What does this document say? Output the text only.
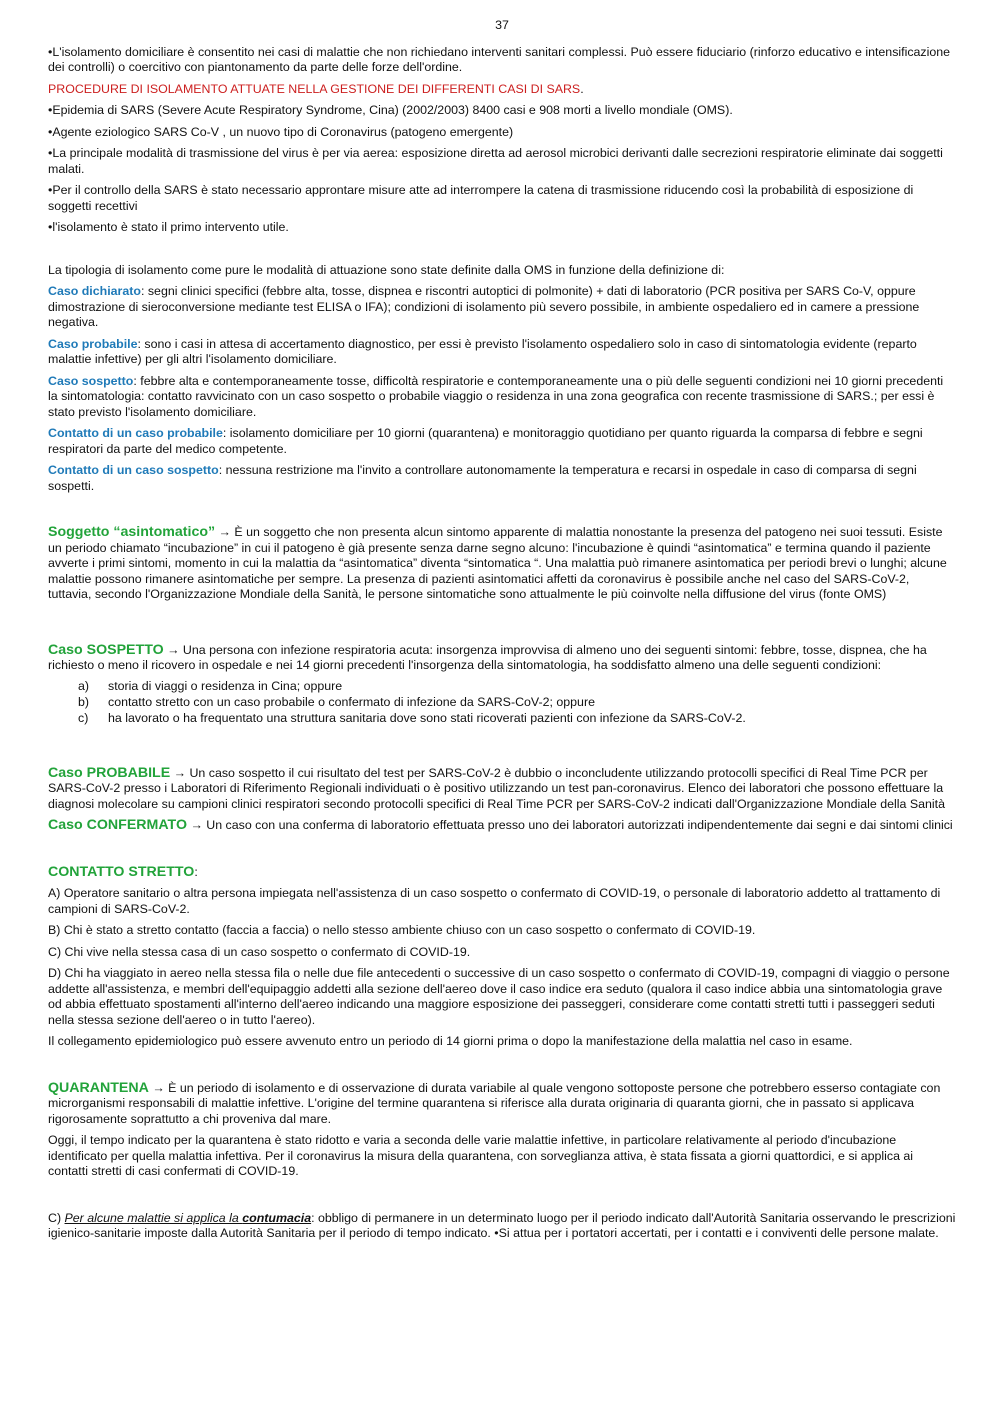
37

•L'isolamento domiciliare è consentito nei casi di malattie che non richiedano interventi sanitari complessi. Può essere fiduciario (rinforzo educativo e intensificazione dei controlli) o coercitivo con piantonamento da parte delle forze dell'ordine.

PROCEDURE DI ISOLAMENTO ATTUATE NELLA GESTIONE DEI DIFFERENTI CASI DI SARS.

•Epidemia di SARS (Severe Acute Respiratory Syndrome, Cina) (2002/2003) 8400 casi e 908 morti a livello mondiale (OMS).

•Agente eziologico SARS Co-V , un nuovo tipo di Coronavirus (patogeno emergente)

•La principale modalità di trasmissione del virus è per via aerea: esposizione diretta ad aerosol microbici derivanti dalle secrezioni respiratorie eliminate dai soggetti malati.

•Per il controllo della SARS è stato necessario approntare misure atte ad interrompere la catena di trasmissione riducendo così la probabilità di esposizione di soggetti recettivi

•l'isolamento è stato il primo intervento utile.

La tipologia di isolamento come pure le modalità di attuazione sono state definite dalla OMS in funzione della definizione di:

Caso dichiarato: segni clinici specifici (febbre alta, tosse, dispnea e riscontri autoptici di polmonite) + dati di laboratorio (PCR positiva per SARS Co-V, oppure dimostrazione di sieroconversione mediante test ELISA o IFA); condizioni di isolamento più severo possibile, in ambiente ospedaliero ed in camere a pressione negativa.

Caso probabile: sono i casi in attesa di accertamento diagnostico, per essi è previsto l'isolamento ospedaliero solo in caso di sintomatologia evidente (reparto malattie infettive) per gli altri l'isolamento domiciliare.

Caso sospetto: febbre alta e contemporaneamente tosse, difficoltà respiratorie e contemporaneamente una o più delle seguenti condizioni nei 10 giorni precedenti la sintomatologia: contatto ravvicinato con un caso sospetto o probabile viaggio o residenza in una zona geografica con recente trasmissione di SARS.; per essi è stato previsto l'isolamento domiciliare.

Contatto di un caso probabile: isolamento domiciliare per 10 giorni (quarantena) e monitoraggio quotidiano per quanto riguarda la comparsa di febbre e segni respiratori da parte del medico competente.

Contatto di un caso sospetto: nessuna restrizione ma l'invito a controllare autonomamente la temperatura e recarsi in ospedale in caso di comparsa di segni sospetti.

Soggetto “asintomatico” → È un soggetto che non presenta alcun sintomo apparente di malattia nonostante la presenza del patogeno nei suoi tessuti. Esiste un periodo chiamato “incubazione” in cui il patogeno è già presente senza darne segno alcuno: l'incubazione è quindi “asintomatica” e termina quando il paziente avverte i primi sintomi, momento in cui la malattia da “asintomatica” diventa “sintomatica “. Una malattia può rimanere asintomatica per periodi brevi o lunghi; alcune malattie possono rimanere asintomatiche per sempre. La presenza di pazienti asintomatici affetti da coronavirus è possibile anche nel caso del SARS-CoV-2, tuttavia, secondo l'Organizzazione Mondiale della Sanità, le persone sintomatiche sono attualmente le più coinvolte nella diffusione del virus (fonte OMS)

Caso SOSPETTO → Una persona con infezione respiratoria acuta: insorgenza improvvisa di almeno uno dei seguenti sintomi: febbre, tosse, dispnea, che ha richiesto o meno il ricovero in ospedale e nei 14 giorni precedenti l'insorgenza della sintomatologia, ha soddisfatto almeno una delle seguenti condizioni:

a)	storia di viaggi o residenza in Cina; oppure
b)	contatto stretto con un caso probabile o confermato di infezione da SARS-CoV-2; oppure
c)	ha lavorato o ha frequentato una struttura sanitaria dove sono stati ricoverati pazienti con infezione da SARS-CoV-2.

Caso PROBABILE → Un caso sospetto il cui risultato del test per SARS-CoV-2 è dubbio o inconcludente utilizzando protocolli specifici di Real Time PCR per SARS-CoV-2 presso i Laboratori di Riferimento Regionali individuati o è positivo utilizzando un test pan-coronavirus. Elenco dei laboratori che possono effettuare la diagnosi molecolare su campioni clinici respiratori secondo protocolli specifici di Real Time PCR per SARS-CoV-2 indicati dall'Organizzazione Mondiale della Sanità

Caso CONFERMATO → Un caso con una conferma di laboratorio effettuata presso uno dei laboratori autorizzati indipendentemente dai segni e dai sintomi clinici

CONTATTO STRETTO:

A) Operatore sanitario o altra persona impiegata nell'assistenza di un caso sospetto o confermato di COVID-19, o personale di laboratorio addetto al trattamento di campioni di SARS-CoV-2.

B) Chi è stato a stretto contatto (faccia a faccia) o nello stesso ambiente chiuso con un caso sospetto o confermato di COVID-19.

C) Chi vive nella stessa casa di un caso sospetto o confermato di COVID-19.

D) Chi ha viaggiato in aereo nella stessa fila o nelle due file antecedenti o successive di un caso sospetto o confermato di COVID-19, compagni di viaggio o persone addette all'assistenza, e membri dell'equipaggio addetti alla sezione dell'aereo dove il caso indice era seduto (qualora il caso indice abbia una sintomatologia grave od abbia effettuato spostamenti all'interno dell'aereo indicando una maggiore esposizione dei passeggeri, considerare come contatti stretti tutti i passeggeri seduti nella stessa sezione dell'aereo o in tutto l'aereo).

Il collegamento epidemiologico può essere avvenuto entro un periodo di 14 giorni prima o dopo la manifestazione della malattia nel caso in esame.

QUARANTENA → È un periodo di isolamento e di osservazione di durata variabile al quale vengono sottoposte persone che potrebbero esserso contagiate con microrganismi responsabili di malattie infettive. L'origine del termine quarantena si riferisce alla durata originaria di quaranta giorni, che in passato si applicava rigorosamente soprattutto a chi proveniva dal mare.

Oggi, il tempo indicato per la quarantena è stato ridotto e varia a seconda delle varie malattie infettive, in particolare relativamente al periodo d'incubazione identificato per quella malattia infettiva. Per il coronavirus la misura della quarantena, con sorveglianza attiva, è stata fissata a giorni quattordici, e si applica ai contatti stretti di casi confermati di COVID-19.

C) Per alcune malattie si applica la contumacia: obbligo di permanere in un determinato luogo per il periodo indicato dall'Autorità Sanitaria osservando le prescrizioni igienico-sanitarie imposte dalla Autorità Sanitaria per il periodo di tempo indicato. •Si attua per i portatori accertati, per i contatti e i conviventi delle persone malate.
